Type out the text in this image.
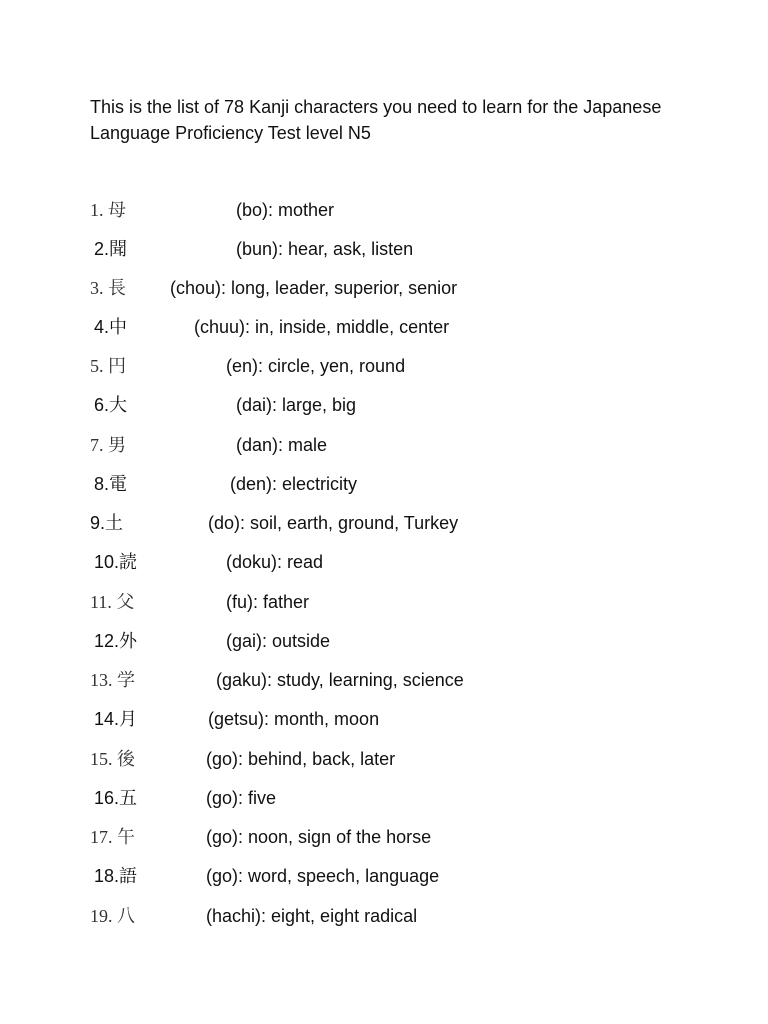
This is the list of 78 Kanji characters you need to learn for the Japanese Language Proficiency Test level N5

1. 母	(bo): mother
2.聞	(bun): hear, ask, listen
3. 長 (chou): long, leader, superior, senior
4.中	(chuu): in, inside, middle, center
5. 円	(en): circle, yen, round
6.大	(dai): large, big
7. 男	(dan): male
8.電	(den): electricity
9.土	(do): soil, earth, ground, Turkey
10.読	(doku): read
11. 父	(fu): father
12.外	(gai): outside
13. 学	(gaku): study, learning, science
14.月	(getsu): month, moon
15. 後	(go): behind, back, later
16.五	(go): five
17. 午	(go): noon, sign of the horse
18.語	(go): word, speech, language
19. 八	(hachi): eight, eight radical
